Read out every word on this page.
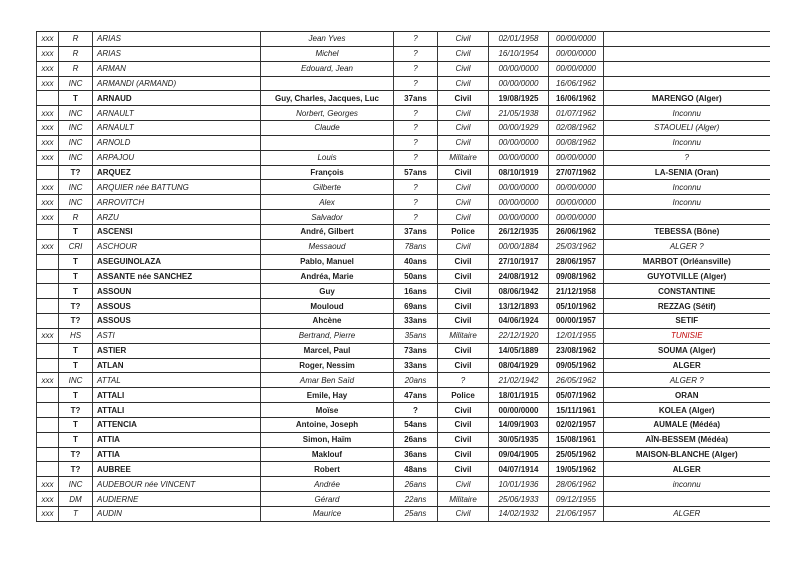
xxx	R	ARIAS	Jean Yves	?	Civil	02/01/1958	00/00/0000	
xxx	R	ARIAS	Michel	?	Civil	16/10/1954	00/00/0000	
xxx	R	ARMAN	Edouard, Jean	?	Civil	00/00/0000	00/00/0000	
xxx	INC	ARMANDI (ARMAND)		?	Civil	00/00/0000	16/06/1962	
	T	ARNAUD	Guy, Charles, Jacques, Luc	37ans	Civil	19/08/1925	16/06/1962	MARENGO (Alger)
xxx	INC	ARNAULT	Norbert, Georges	?	Civil	21/05/1938	01/07/1962	Inconnu
xxx	INC	ARNAULT	Claude	?	Civil	00/00/1929	02/08/1962	STAOUELI (Alger)
xxx	INC	ARNOLD		?	Civil	00/00/0000	00/08/1962	Inconnu
xxx	INC	ARPAJOU	Louis	?	Militaire	00/00/0000	00/00/0000	?
	T?	ARQUEZ	François	57ans	Civil	08/10/1919	27/07/1962	LA-SENIA (Oran)
xxx	INC	ARQUIER née BATTUNG	Gilberte	?	Civil	00/00/0000	00/00/0000	Inconnu
xxx	INC	ARROVITCH	Alex	?	Civil	00/00/0000	00/00/0000	Inconnu
xxx	R	ARZU	Salvador	?	Civil	00/00/0000	00/00/0000	
	T	ASCENSI	André, Gilbert	37ans	Police	26/12/1935	26/06/1962	TEBESSA (Bône)
xxx	CRI	ASCHOUR	Messaoud	78ans	Civil	00/00/1884	25/03/1962	ALGER ?
	T	ASEGUINOLAZA	Pablo, Manuel	40ans	Civil	27/10/1917	28/06/1957	MARBOT (Orléansville)
	T	ASSANTE née SANCHEZ	Andréa, Marie	50ans	Civil	24/08/1912	09/08/1962	GUYOTVILLE (Alger)
	T	ASSOUN	Guy	16ans	Civil	08/06/1942	21/12/1958	CONSTANTINE
	T?	ASSOUS	Mouloud	69ans	Civil	13/12/1893	05/10/1962	REZZAG (Sétif)
	T?	ASSOUS	Ahcène	33ans	Civil	04/06/1924	00/00/1957	SETIF
xxx	HS	ASTI	Bertrand, Pierre	35ans	Militaire	22/12/1920	12/01/1955	TUNISIE
	T	ASTIER	Marcel, Paul	73ans	Civil	14/05/1889	23/08/1962	SOUMA (Alger)
	T	ATLAN	Roger, Nessim	33ans	Civil	08/04/1929	09/05/1962	ALGER
xxx	INC	ATTAL	Amar Ben Saïd	20ans	?	21/02/1942	26/05/1962	ALGER ?
	T	ATTALI	Emile, Hay	47ans	Police	18/01/1915	05/07/1962	ORAN
	T?	ATTALI	Moïse	?	Civil	00/00/0000	15/11/1961	KOLEA (Alger)
	T	ATTENCIA	Antoine, Joseph	54ans	Civil	14/09/1903	02/02/1957	AUMALE (Médéa)
	T	ATTIA	Simon, Haïm	26ans	Civil	30/05/1935	15/08/1961	AÏN-BESSEM (Médéa)
	T?	ATTIA	Maklouf	36ans	Civil	09/04/1905	25/05/1962	MAISON-BLANCHE (Alger)
	T?	AUBREE	Robert	48ans	Civil	04/07/1914	19/05/1962	ALGER
xxx	INC	AUDEBOUR née VINCENT	Andrée	26ans	Civil	10/01/1936	28/06/1962	inconnu
xxx	DM	AUDIERNE	Gérard	22ans	Militaire	25/06/1933	09/12/1955	
xxx	T	AUDIN	Maurice	25ans	Civil	14/02/1932	21/06/1957	ALGER
